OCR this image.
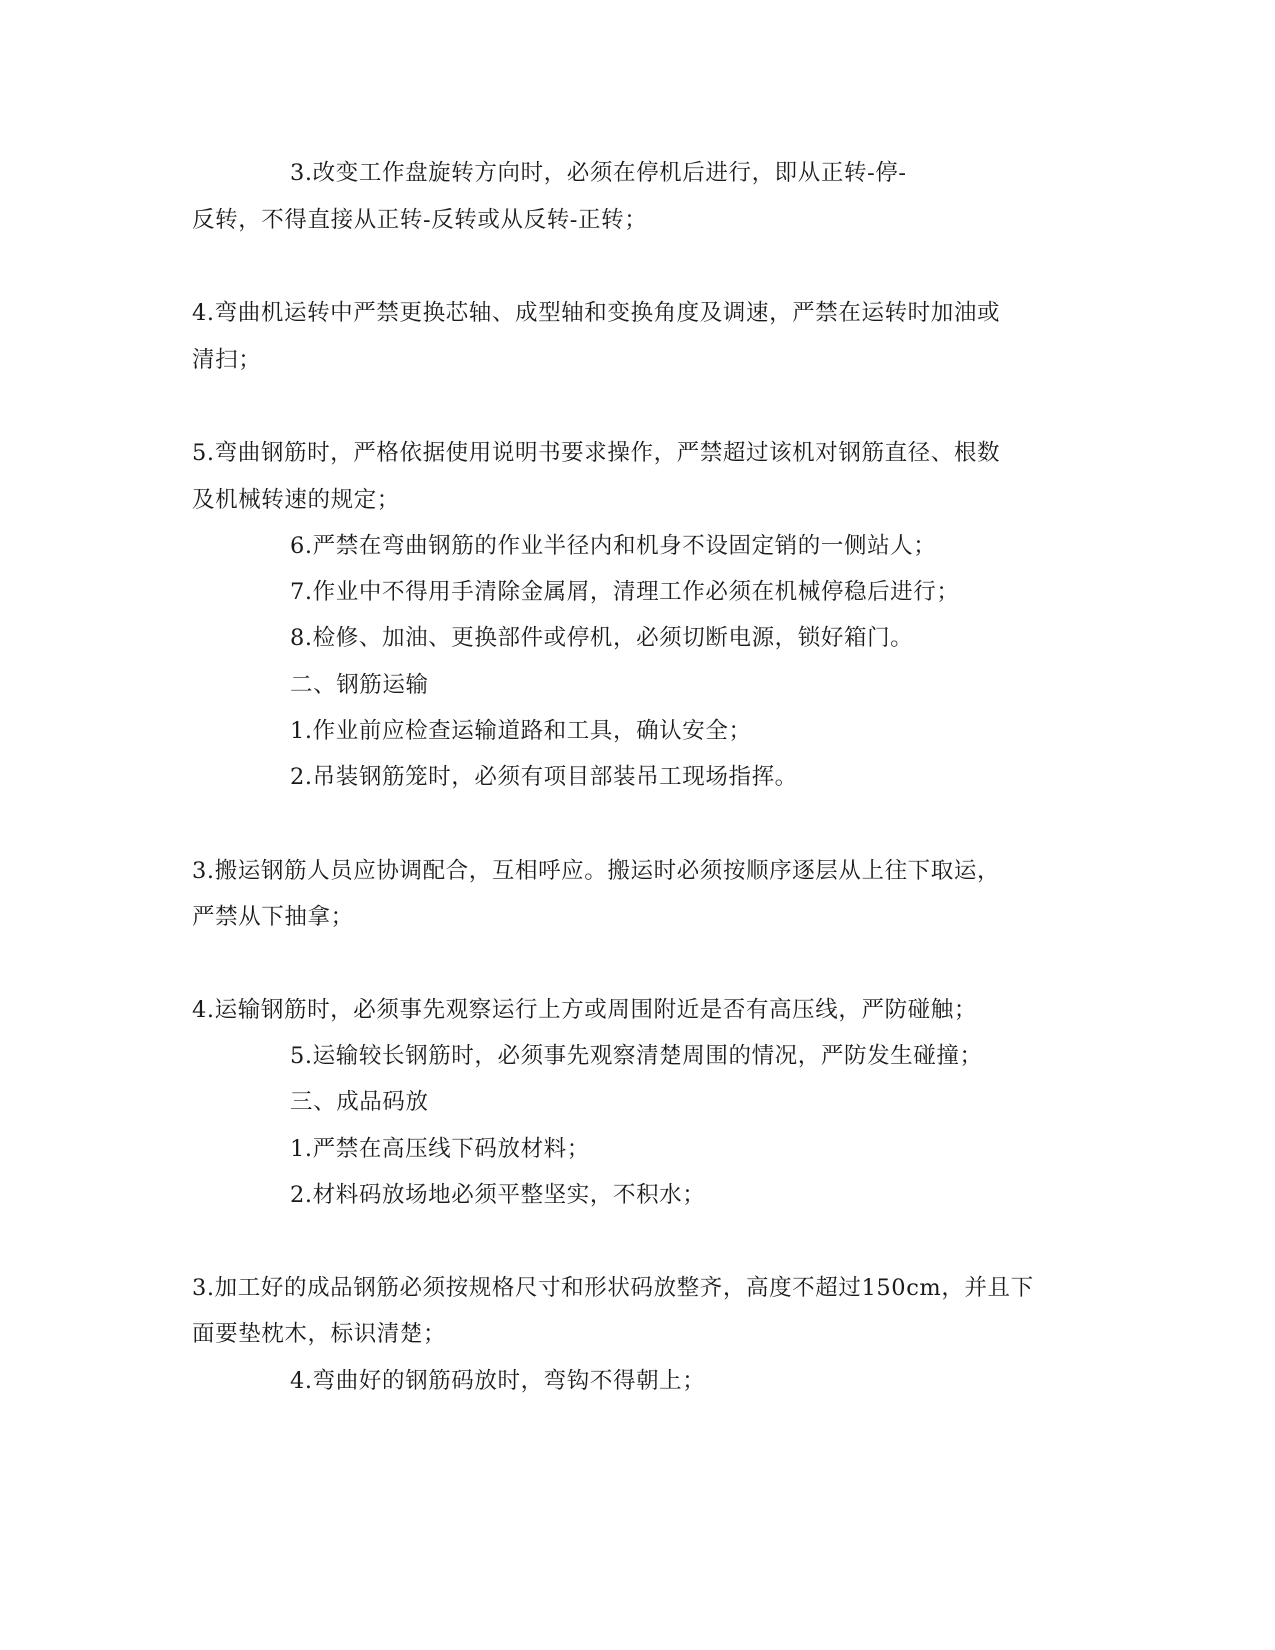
3.改变工作盘旋转方向时，必须在停机后进行，即从正转-停-

反转，不得直接从正转-反转或从反转-正转；

4.弯曲机运转中严禁更换芯轴、成型轴和变换角度及调速，严禁在运转时加油或

清扫；

5.弯曲钢筋时，严格依据使用说明书要求操作，严禁超过该机对钢筋直径、根数

及机械转速的规定；

6.严禁在弯曲钢筋的作业半径内和机身不设固定销的一侧站人；

7.作业中不得用手清除金属屑，清理工作必须在机械停稳后进行；

8.检修、加油、更换部件或停机，必须切断电源，锁好箱门。

二、钢筋运输

1.作业前应检查运输道路和工具，确认安全；

2.吊装钢筋笼时，必须有项目部装吊工现场指挥。

3.搬运钢筋人员应协调配合，互相呼应。搬运时必须按顺序逐层从上往下取运，

严禁从下抽拿；

4.运输钢筋时，必须事先观察运行上方或周围附近是否有高压线，严防碰触；

5.运输较长钢筋时，必须事先观察清楚周围的情况，严防发生碰撞；

三、成品码放

1.严禁在高压线下码放材料；

2.材料码放场地必须平整坚实，不积水；

3.加工好的成品钢筋必须按规格尺寸和形状码放整齐，高度不超过150cm，并且下

面要垫枕木，标识清楚；

4.弯曲好的钢筋码放时，弯钩不得朝上；
